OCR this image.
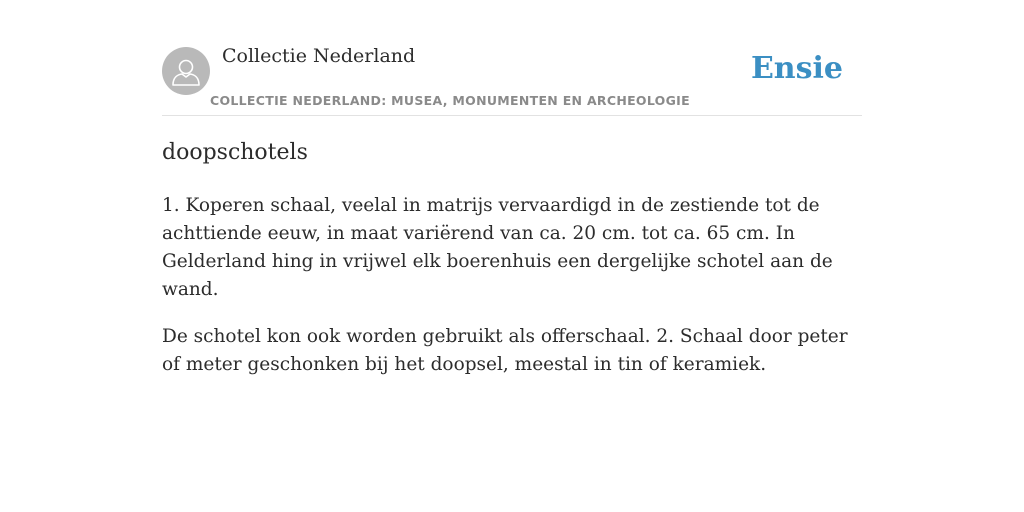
Collectie Nederland
COLLECTIE NEDERLAND: MUSEA, MONUMENTEN EN ARCHEOLOGIE
Ensie
doopschotels

1. Koperen schaal, veelal in matrijs vervaardigd in de zestiende tot de achttiende eeuw, in maat variërend van ca. 20 cm. tot ca. 65 cm. In Gelderland hing in vrijwel elk boerenhuis een dergelijke schotel aan de wand.

De schotel kon ook worden gebruikt als offerschaal. 2. Schaal door peter of meter geschonken bij het doopsel, meestal in tin of keramiek.
